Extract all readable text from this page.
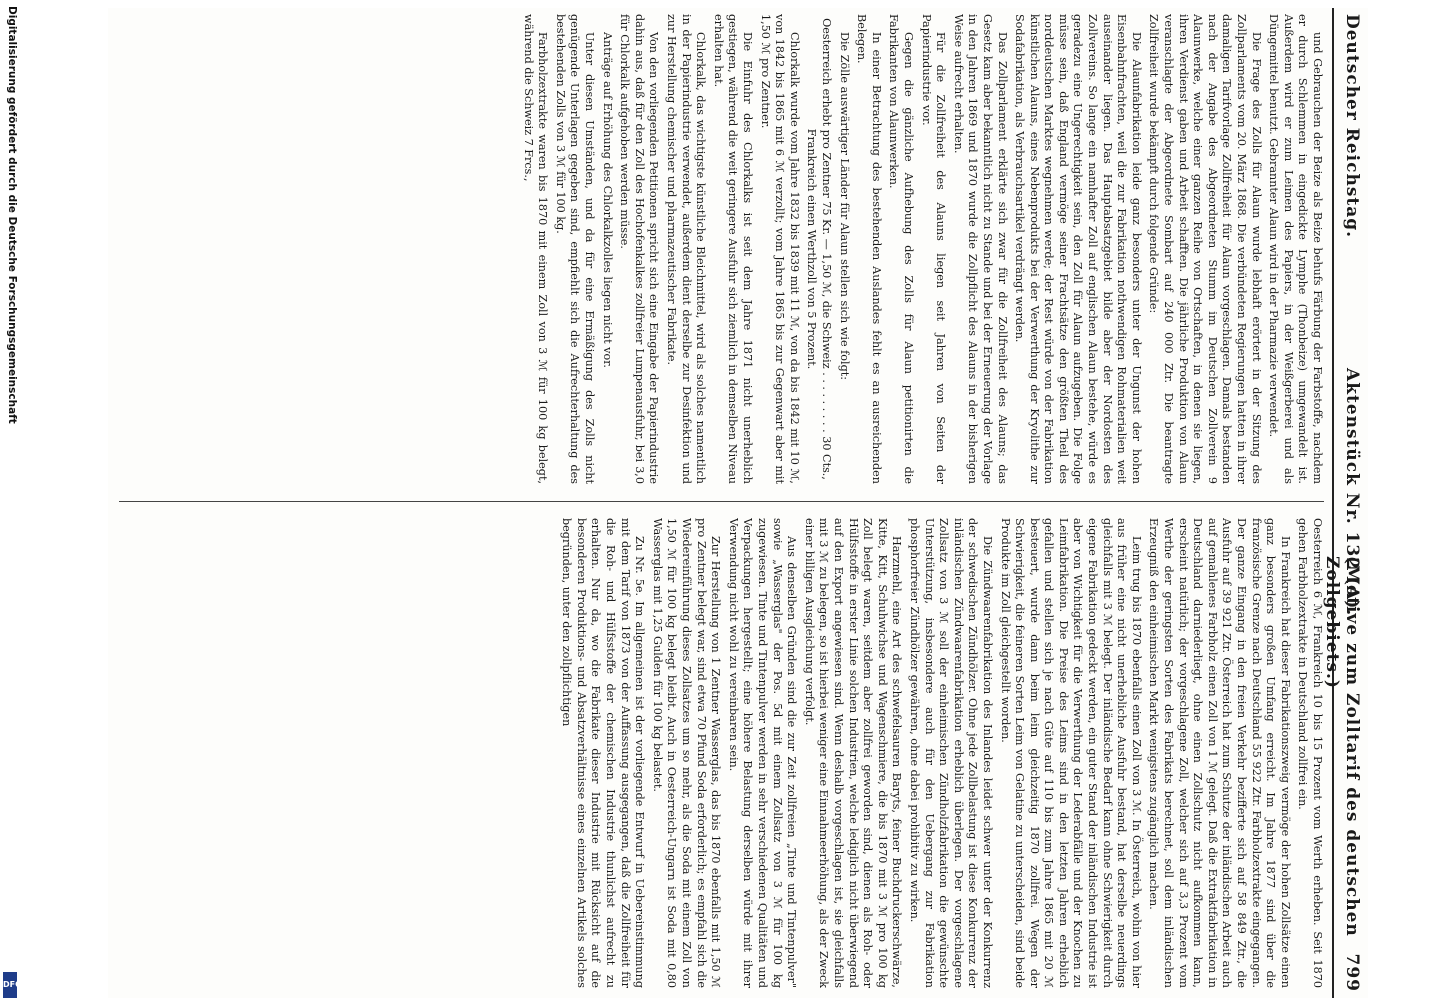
Deutscher Reichstag.
Aktenstück Nr. 132 (A).
(Motive zum Zolltarif des deutschen Zollgebiets.)
799

und Gebrauchen der Beize als Beize behufs Färbung der Farbstoffe, nachdem er durch Schlemmen in eingedickte Lymphe (Thonbeize) umgewandelt ist. Außerdem wird er zum Leimen des Papiers, in der Weißgerberei und als Düngemittel benutzt. Gebrannter Alaun wird in der Pharmazie verwendet.

Die Frage des Zolls für Alaun wurde lebhaft erörtert in der Sitzung des Zollparlaments vom 20. März 1868. Die verbündeten Regierungen hatten in ihrer damaligen Tarifvorlage Zollfreiheit für Alaun vorgeschlagen. Damals bestanden nach der Angabe des Abgeordneten Stumm im Deutschen Zollverein 9 Alaunwerke, welche einer ganzen Reihe von Ortschaften, in denen sie liegen, ihren Verdienst gaben und Arbeit schafften. Die jährliche Produktion von Alaun veranschlagte der Abgeordnete Sombart auf 240 000 Ztr. Die beantragte Zollfreiheit wurde bekämpft durch folgende Gründe:

Die Alaunfabrikation leide ganz besonders unter der Ungunst der hohen Eisenbahnfrachten, weil die zur Fabrikation nothwendigen Rohmaterialien weit auseinander liegen. Das Hauptabsatzgebiet bilde aber der Nordosten des Zollvereins. So lange ein namhafter Zoll auf englischen Alaun bestehe, würde es geradezu eine Ungerechtigkeit sein, den Zoll für Alaun aufzugeben. Die Folge müsse sein, daß England vermöge seiner Frachtsätze den größten Theil des norddeutschen Marktes wegnehmen werde; der Rest würde von der Fabrikation künstlichen Alauns, eines Nebenprodukts bei der Verwerthung der Kryolithe zur Sodafabrikation, als Verbrauchsartikel verdrängt werden.

Das Zollparlament erklärte sich zwar für die Zollfreiheit des Alauns; das Gesetz kam aber bekanntlich nicht zu Stande und bei der Erneuerung der Vorlage in den Jahren 1869 und 1870 wurde die Zollpflicht des Alauns in der bisherigen Weise aufrecht erhalten.

Für die Zollfreiheit des Alauns liegen seit Jahren von Seiten der Papierindustrie vor.

Gegen die gänzliche Aufhebung des Zolls für Alaun petitionirten die Fabrikanten von Alaunwerken.

In einer Betrachtung des bestehenden Auslandes fehlt es an ausreichenden Belegen.

Die Zölle auswärtiger Länder für Alaun stellen sich wie folgt:

Oesterreich erhebt pro Zentner 75 Kr. — 1,50 ℳ, die Schweiz . . . . . . . . . 30 Cts., Frankreich einen Werthzoll von 5 Prozent.

Chlorkalk wurde vom Jahre 1832 bis 1839 mit 11 ℳ, von da bis 1842 mit 10 ℳ, von 1842 bis 1865 mit 6 ℳ verzollt; vom Jahre 1865 bis zur Gegenwart aber mit 1,50 ℳ pro Zentner.

Die Einfuhr des Chlorkalks ist seit dem Jahre 1871 nicht unerheblich gestiegen, während die weit geringere Ausfuhr sich ziemlich in demselben Niveau erhalten hat.

Chlorkalk, das wichtigste künstliche Bleichmittel, wird als solches namentlich in der Papierindustrie verwendet, außerdem dient derselbe zur Desinfektion und zur Herstellung chemischer und pharmazeutischer Fabrikate.

Von den vorliegenden Petitionen spricht sich eine Eingabe der Papierindustrie dahin aus, daß für den Zoll des Hochofenkalkes zollfreier Lumpenausfuhr, bei 3,0 für Chlorkalk aufgehoben werden müsse.

Anträge auf Erhöhung des Chlorkalkzolles liegen nicht vor.

Unter diesen Umständen, und da für eine Ermäßigung des Zolls nicht genügende Unterlagen gegeben sind, empfiehlt sich die Aufrechterhaltung des bestehenden Zolls von 3 ℳ für 100 kg.

Farbholzextrakte waren bis 1870 mit einem Zoll von 3 ℳ für 100 kg belegt, während die Schweiz 7 Frcs.,

Oesterreich 6 ℳ, Frankreich 10 bis 15 Prozent vom Werth erheben. Seit 1870 gehen Farbholzextrakte in Deutschland zollfrei ein.

In Frankreich hat dieser Fabrikationszweig vermöge der hohen Zollsätze einen ganz besonders großen Umfang erreicht. Im Jahre 1877 sind über die französische Grenze nach Deutschland 55 922 Ztr. Farbholzextrakte eingegangen. Der ganze Eingang in den freien Verkehr bezifferte sich auf 58 849 Ztr., die Ausfuhr auf 39 921 Ztr. Österreich hat zum Schutze der inländischen Arbeit auch auf gemahlenes Farbholz einen Zoll von 1 ℳ gelegt. Daß die Extraktfabrikation in Deutschland darniederliegt, ohne einen Zollschutz nicht aufkommen kann, erscheint natürlich; der vorgeschlagene Zoll, welcher sich auf 3,3 Prozent vom Werthe der geringsten Sorten des Fabrikats berechnet, soll dem inländischen Erzeugniß den einheimischen Markt wenigstens zugänglich machen.

Leim trug bis 1870 ebenfalls einen Zoll von 3 ℳ. In Österreich, wohin von hier aus früher eine nicht unerhebliche Ausfuhr bestand, hat derselbe neuerdings gleichfalls mit 3 ℳ belegt. Der inländische Bedarf kann ohne Schwierigkeit durch eigene Fabrikation gedeckt werden, ein guter Stand der inländischen Industrie ist aber von Wichtigkeit für die Verwerthung der Lederabfälle und der Knochen zu Leimfabrikation. Die Preise des Leims sind in den letzten Jahren erheblich gefallen und stellen sich je nach Güte auf 110 bis zum Jahre 1865 mit 20 ℳ besteuert, wurde dann beim leim gleichzeitig 1870 zollfrei. Wegen der Schwierigkeit, die feineren Sorten Leim von Gelatine zu unterscheiden, sind beide Produkte im Zoll gleichgestellt worden.

Die Zündwaarenfabrikation des Inlandes leidet schwer unter der Konkurrenz der schwedischen Zündhölzer. Ohne jede Zollbelastung ist diese Konkurrenz der inländischen Zündwaarenfabrikation erheblich überlegen. Der vorgeschlagene Zollsatz von 3 ℳ soll der einheimischen Zündholzfabrikation die gewünschte Unterstützung, insbesondere auch für den Uebergang zur Fabrikation phosphorfreier Zündhölzer gewähren, ohne dabei prohibitiv zu wirken.

Harzmehl, eine Art des schwefelsauren Baryts, feiner Buchdruckerschwärze, Kitte, Kitt, Schuhwichse und Wagenschmiere, die bis 1870 mit 3 ℳ pro 100 kg Zoll belegt waren, seitdem aber zollfrei geworden sind, dienen als Roh- oder Hülfsstoffe in erster Linie solchen Industrien, welche lediglich nicht überwiegend auf den Export angewiesen sind. Wenn deshalb vorgeschlagen ist, sie gleichfalls mit 3 ℳ zu belegen, so ist hierbei weniger eine Einnahmeerhöhung, als der Zweck einer billigen Ausgleichung verfolgt.

Aus denselben Gründen sind die zur Zeit zollfreien „Tinte und Tintenpulver" sowie „Wasserglas" der Pos. 5d mit einem Zollsatz von 3 ℳ für 100 kg zugewiesen. Tinte und Tintenpulver werden in sehr verschiedenen Qualitäten und Verpackungen hergestellt; eine höhere Belastung derselben würde mit ihrer Verwendung nicht wohl zu vereinbaren sein.

Zur Herstellung von 1 Zentner Wasserglas, das bis 1870 ebenfalls mit 1,50 ℳ pro Zentner belegt war, sind etwa 70 Pfund Soda erforderlich; es empfahl sich die Wiedereinführung dieses Zollsatzes um so mehr, als die Soda mit einem Zoll von 1,50 ℳ für 100 kg belegt bleibt. Auch in Oesterreich-Ungarn ist Soda mit 0,80 Wasserglas mit 1,25 Gulden für 100 kg belastet.

Zu Nr. 5e. Im allgemeinen ist der vorliegende Entwurf in Uebereinstimmung mit dem Tarif von 1873 von der Auffassung ausgegangen, daß die Zollfreiheit für die Roh- und Hülfsstoffe der chemischen Industrie thunlichst aufrecht zu erhalten. Nur da, wo die Fabrikate dieser Industrie mit Rücksicht auf die besonderen Produktions- und Absatzverhältnisse eines einzelnen Artikels solches begründen, unter den zollpflichtigen

Digitalisierung gefördert durch die Deutsche Forschungsgemeinschaft
DFG
